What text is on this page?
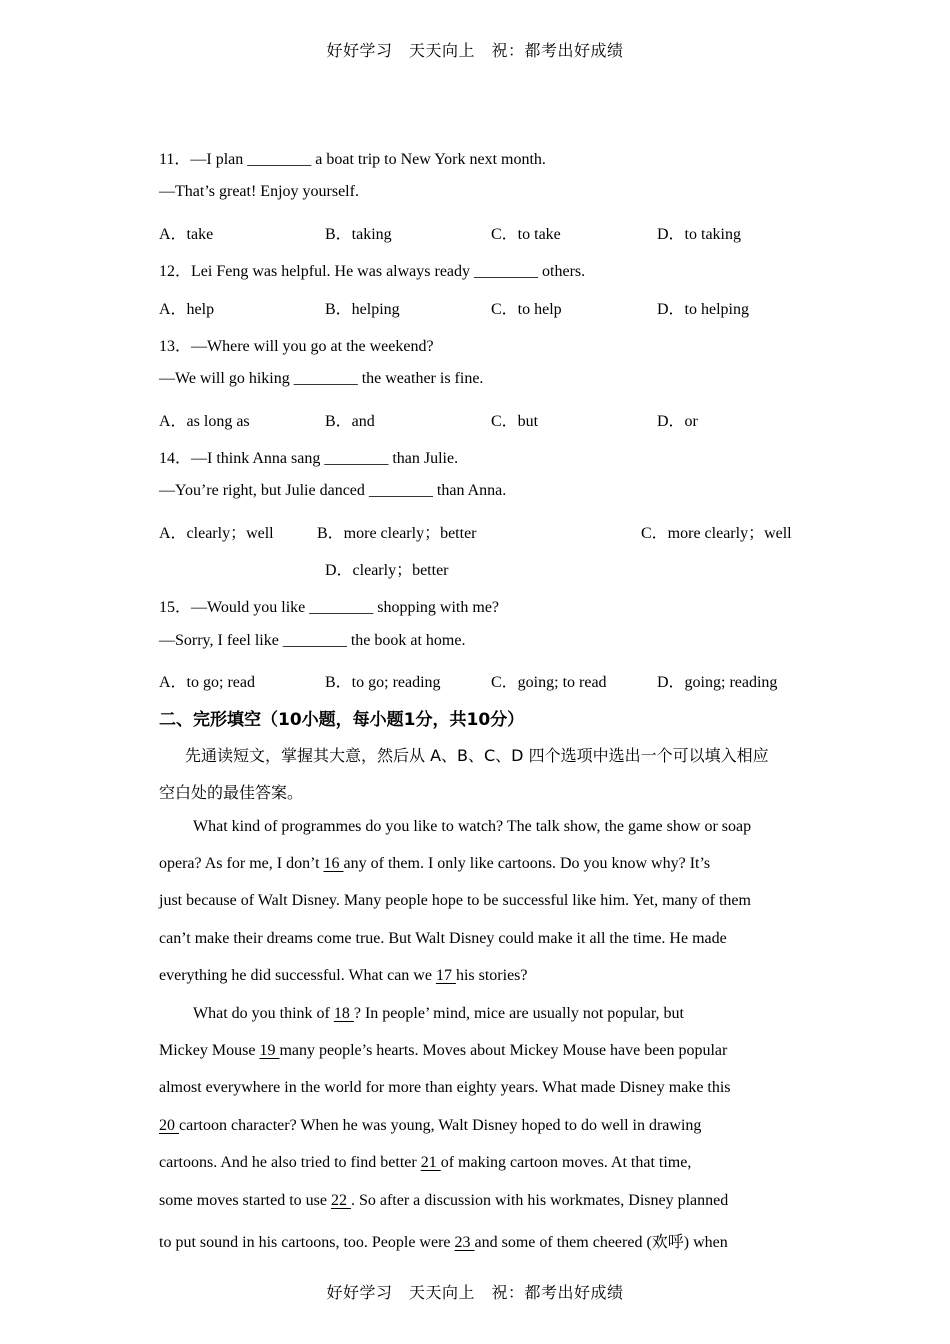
好好学习　天天向上　祝：都考出好成绩
11．—I plan ________ a boat trip to New York next month.
—That’s great! Enjoy yourself.
A．take	B．taking	C．to take	D．to taking
12．Lei Feng was helpful. He was always ready ________ others.
A．help	B．helping	C．to help	D．to helping
13．—Where will you go at the weekend?
—We will go hiking ________ the weather is fine.
A．as long as	B．and	C．but	D．or
14．—I think Anna sang ________ than Julie.
—You’re right, but Julie danced ________ than Anna.
A．clearly；well	B．more clearly；better	C．more clearly；well
D．clearly；better
15．—Would you like ________ shopping with me?
—Sorry, I feel like ________ the book at home.
A．to go; read	B．to go; reading	C．going; to read	D．going; reading
二、完形填空（10小题，每小题1分，共10分）
先通读短文，掌握其大意，然后从 A、B、C、D 四个选项中选出一个可以填入相应
空白处的最佳答案。
What kind of programmes do you like to watch? The talk show, the game show or soap
opera? As for me, I don’t 16 any of them. I only like cartoons. Do you know why? It’s
just because of Walt Disney. Many people hope to be successful like him. Yet, many of them
can’t make their dreams come true. But Walt Disney could make it all the time. He made
everything he did successful. What can we 17 his stories?
What do you think of 18 ? In people’ mind, mice are usually not popular, but
Mickey Mouse 19 many people’s hearts. Moves about Mickey Mouse have been popular
almost everywhere in the world for more than eighty years. What made Disney make this
20 cartoon character? When he was young, Walt Disney hoped to do well in drawing
cartoons. And he also tried to find better 21 of making cartoon moves. At that time,
some moves started to use 22 . So after a discussion with his workmates, Disney planned
to put sound in his cartoons, too. People were 23 and some of them cheered (欢呼) when
好好学习　天天向上　祝：都考出好成绩
